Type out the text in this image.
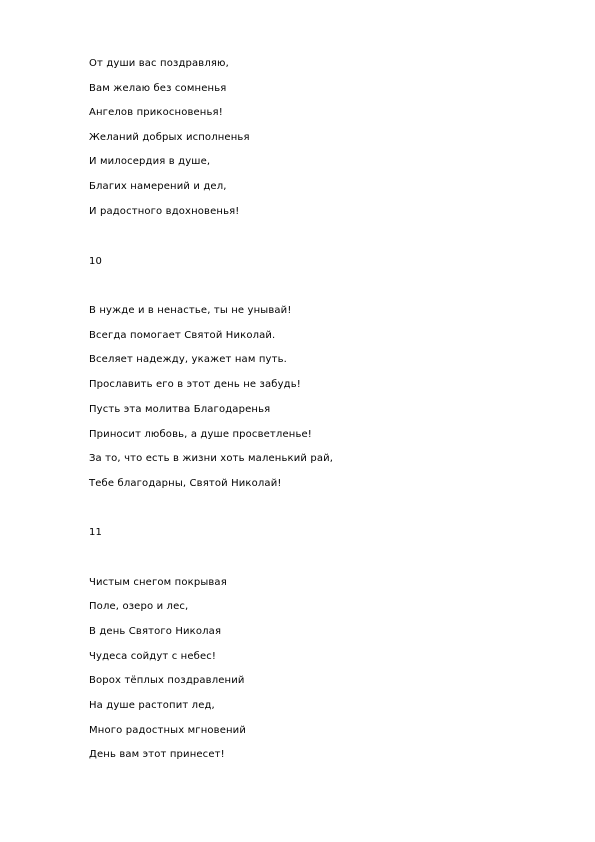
От души вас поздравляю,
Вам желаю без сомненья
Ангелов прикосновенья!
Желаний добрых исполненья
И милосердия в душе,
Благих намерений и дел,
И радостного вдохновенья!
10
В нужде и в ненастье, ты не унывай!
Всегда помогает Святой Николай.
Вселяет надежду, укажет нам путь.
Прославить его в этот день не забудь!
Пусть эта молитва Благодаренья
Приносит любовь, а душе просветленье!
За то, что есть в жизни хоть маленький рай,
Тебе благодарны, Святой Николай!
11
Чистым снегом покрывая
Поле, озеро и лес,
В день Святого Николая
Чудеса сойдут с небес!
Ворох тёплых поздравлений
На душе растопит лед,
Много радостных мгновений
День вам этот принесет!
